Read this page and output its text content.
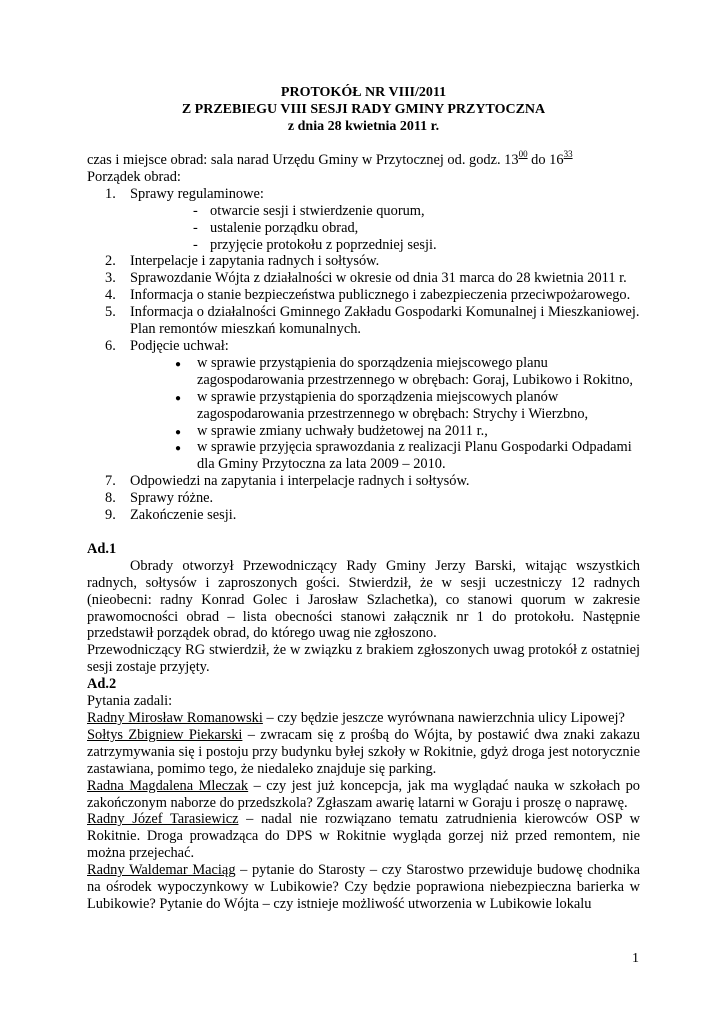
PROTOKÓŁ NR VIII/2011
Z PRZEBIEGU VIII SESJI RADY GMINY PRZYTOCZNA
z dnia 28 kwietnia 2011 r.

czas i miejsce obrad: sala narad Urzędu Gminy w Przytocznej od. godz. $13^{00}$ do $16^{33}$

Porządek obrad:

1. Sprawy regulaminowe:
- otwarcie sesji i stwierdzenie quorum,
- ustalenie porządku obrad,
- przyjęcie protokołu z poprzedniej sesji.
2. Interpelacje i zapytania radnych i sołtysów.
3. Sprawozdanie Wójta z działalności w okresie od dnia 31 marca do 28 kwietnia 2011 r.
4. Informacja o stanie bezpieczeństwa publicznego i zabezpieczenia przeciwpożarowego.
5. Informacja o działalności Gminnego Zakładu Gospodarki Komunalnej i Mieszkaniowej. Plan remontów mieszkań komunalnych.
6. Podjęcie uchwał:
● w sprawie przystąpienia do sporządzenia miejscowego planu zagospodarowania przestrzennego w obrębach: Goraj, Lubikowo i Rokitno,
● w sprawie przystąpienia do sporządzenia miejscowych planów zagospodarowania przestrzennego w obrębach: Strychy i Wierzbno,
● w sprawie zmiany uchwały budżetowej na 2011 r.,
● w sprawie przyjęcia sprawozdania z realizacji Planu Gospodarki Odpadami dla Gminy Przytoczna za lata 2009 – 2010.
7. Odpowiedzi na zapytania i interpelacje radnych i sołtysów.
8. Sprawy różne.
9. Zakończenie sesji.

Ad.1

Obrady otworzył Przewodniczący Rady Gminy Jerzy Barski, witając wszystkich radnych, sołtysów i zaproszonych gości. Stwierdził, że w sesji uczestniczy 12 radnych (nieobecni: radny Konrad Golec i Jarosław Szlachetka), co stanowi quorum w zakresie prawomocności obrad – lista obecności stanowi załącznik nr 1 do protokołu. Następnie przedstawił porządek obrad, do którego uwag nie zgłoszono.

Przewodniczący RG stwierdził, że w związku z brakiem zgłoszonych uwag protokół z ostatniej sesji zostaje przyjęty.

Ad.2

Pytania zadali:

Radny Mirosław Romanowski – czy będzie jeszcze wyrównana nawierzchnia ulicy Lipowej?

Sołtys Zbigniew Piekarski – zwracam się z prośbą do Wójta, by postawić dwa znaki zakazu zatrzymywania się i postoju przy budynku byłej szkoły w Rokitnie, gdyż droga jest notorycznie zastawiana, pomimo tego, że niedaleko znajduje się parking.

Radna Magdalena Mleczak – czy jest już koncepcja, jak ma wyglądać nauka w szkołach po zakończonym naborze do przedszkola? Zgłaszam awarię latarni w Goraju i proszę o naprawę.

Radny Józef Tarasiewicz – nadal nie rozwiązano tematu zatrudnienia kierowców OSP w Rokitnie. Droga prowadząca do DPS w Rokitnie wygląda gorzej niż przed remontem, nie można przejechać.

Radny Waldemar Maciąg – pytanie do Starosty – czy Starostwo przewiduje budowę chodnika na ośrodek wypoczynkowy w Lubikowie? Czy będzie poprawiona niebezpieczna barierka w Lubikowie? Pytanie do Wójta – czy istnieje możliwość utworzenia w Lubikowie lokalu

1
